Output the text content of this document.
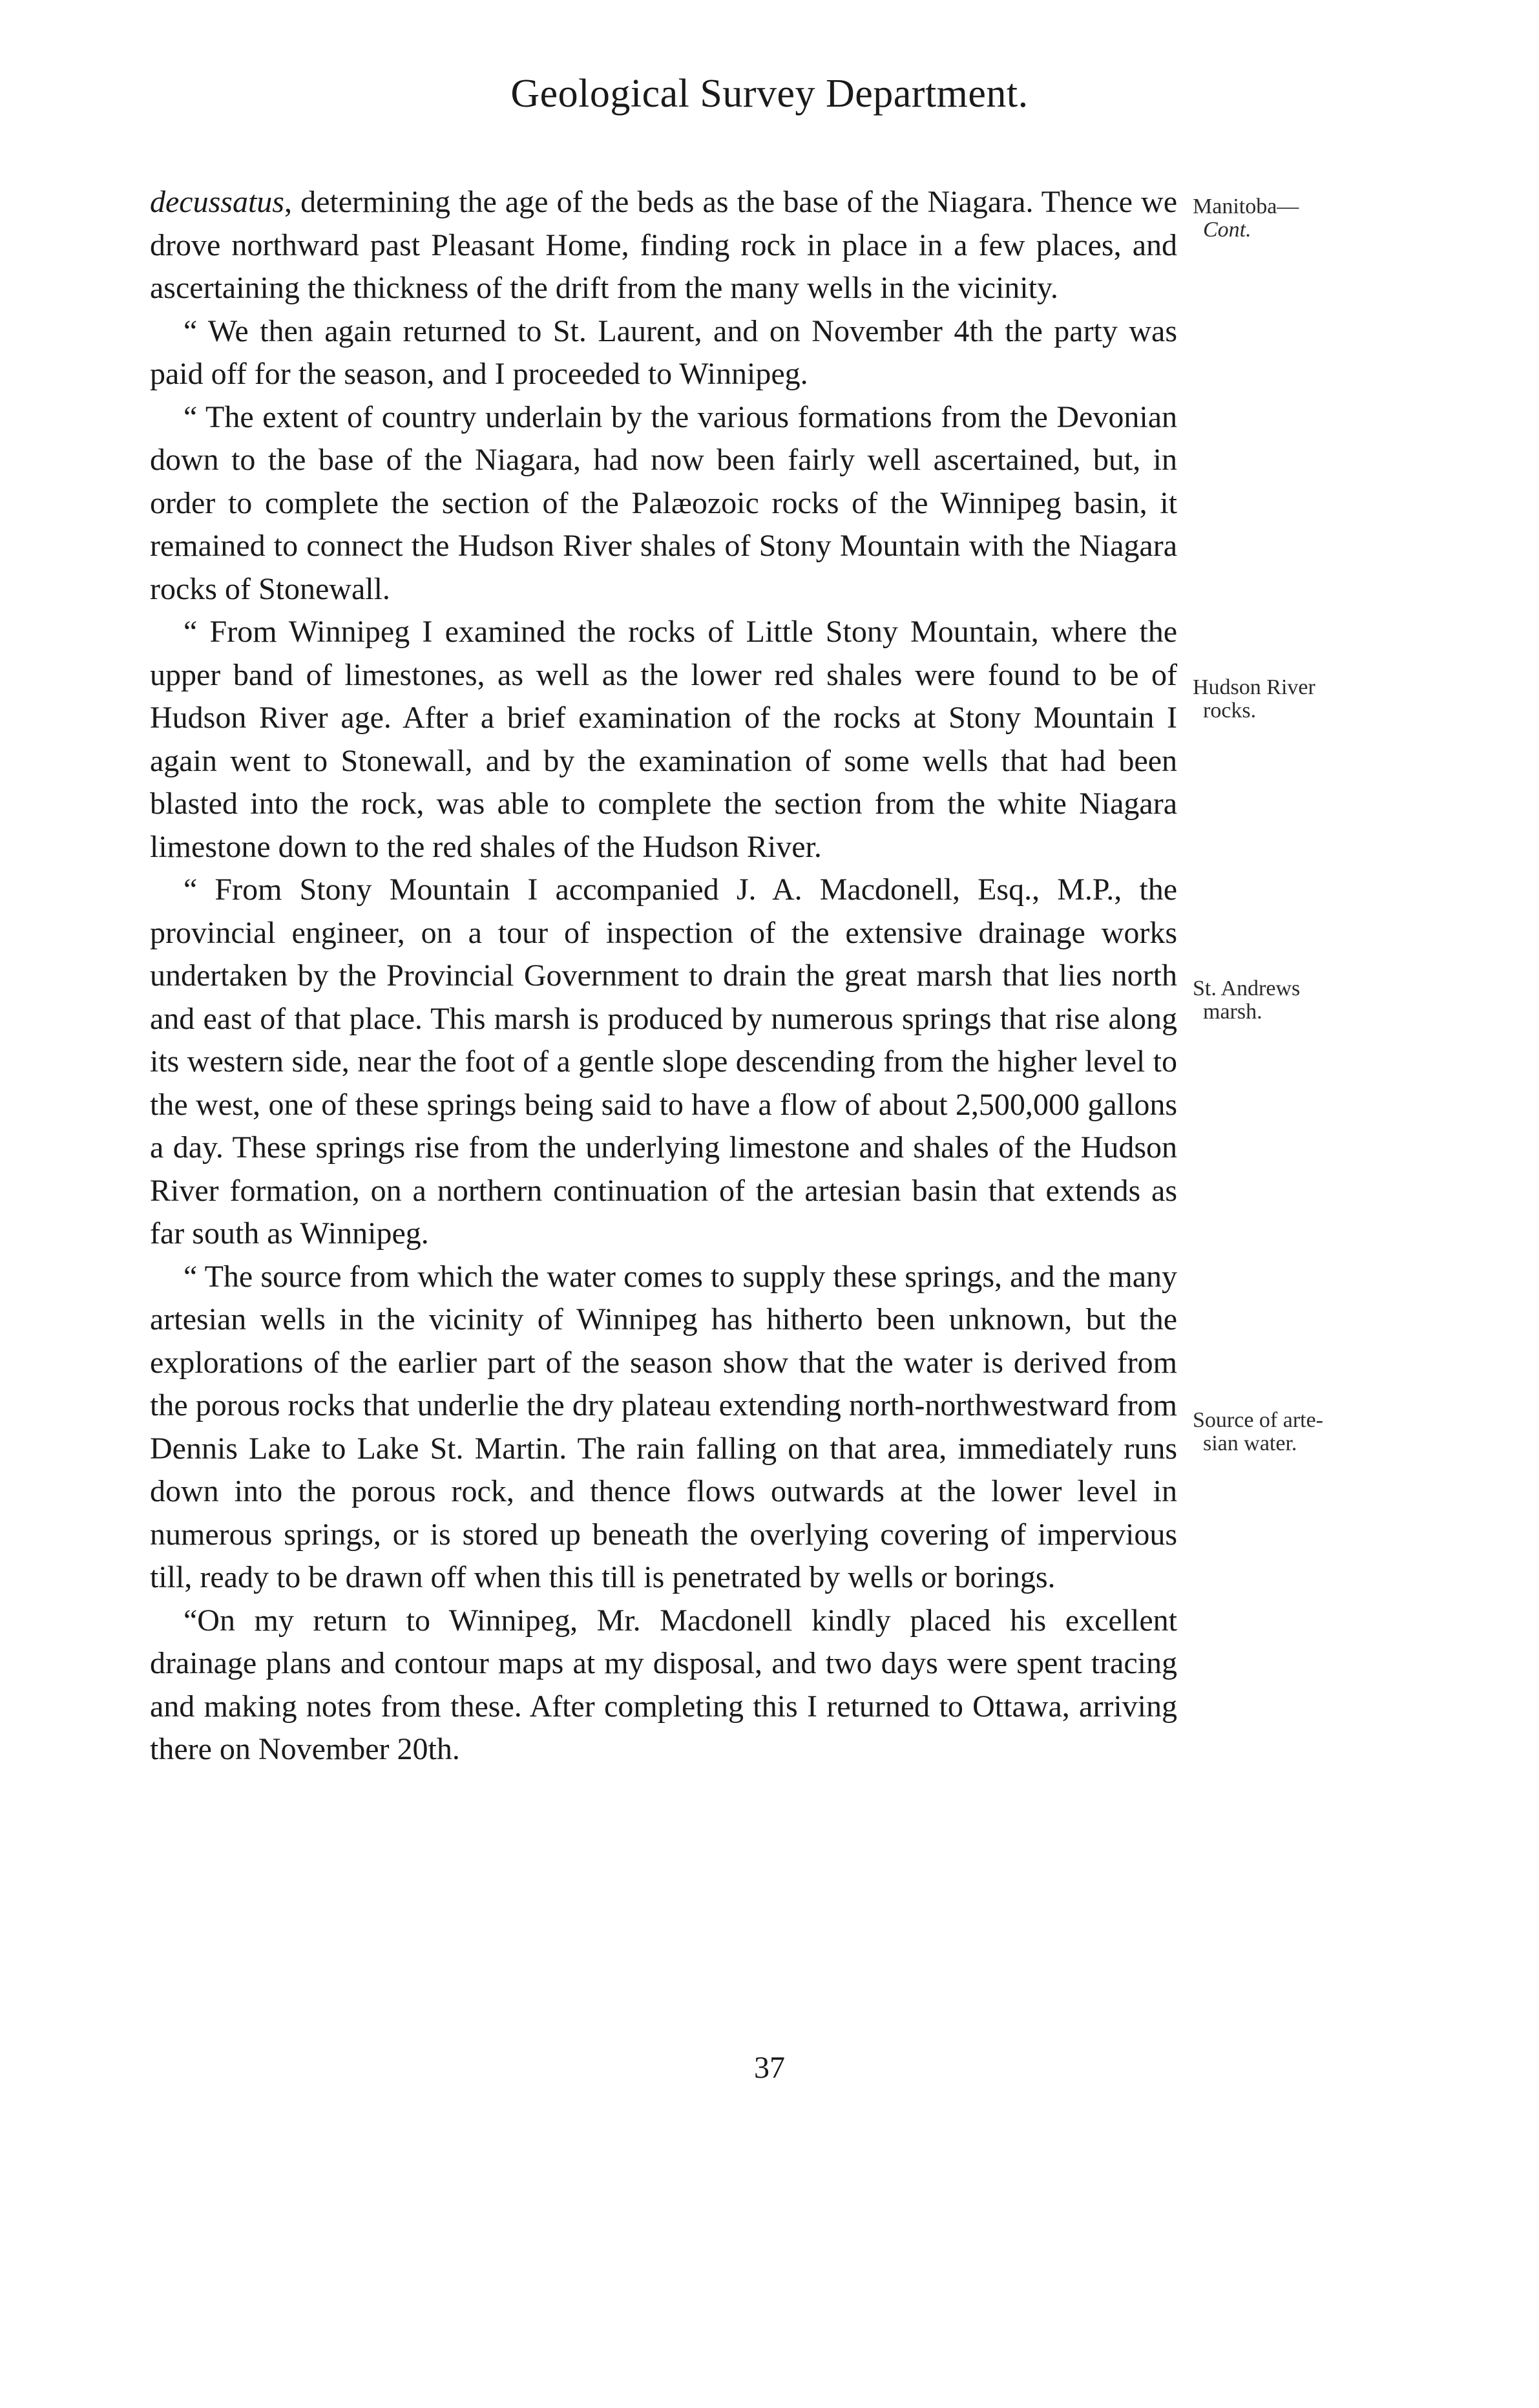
Geological Survey Department.

decussatus, determining the age of the beds as the base of the Niagara. Thence we drove northward past Pleasant Home, finding rock in place in a few places, and ascertaining the thickness of the drift from the many wells in the vicinity.

“ We then again returned to St. Laurent, and on November 4th the party was paid off for the season, and I proceeded to Winnipeg.

“ The extent of country underlain by the various formations from the Devonian down to the base of the Niagara, had now been fairly well ascertained, but, in order to complete the section of the Palæozoic rocks of the Winnipeg basin, it remained to connect the Hudson River shales of Stony Mountain with the Niagara rocks of Stonewall.

“ From Winnipeg I examined the rocks of Little Stony Mountain, where the upper band of limestones, as well as the lower red shales were found to be of Hudson River age. After a brief examination of the rocks at Stony Mountain I again went to Stonewall, and by the examination of some wells that had been blasted into the rock, was able to complete the section from the white Niagara limestone down to the red shales of the Hudson River.

“ From Stony Mountain I accompanied J. A. Macdonell, Esq., M.P., the provincial engineer, on a tour of inspection of the extensive drainage works undertaken by the Provincial Government to drain the great marsh that lies north and east of that place. This marsh is produced by numerous springs that rise along its western side, near the foot of a gentle slope descending from the higher level to the west, one of these springs being said to have a flow of about 2,500,000 gallons a day. These springs rise from the underlying limestone and shales of the Hudson River formation, on a northern continuation of the artesian basin that extends as far south as Winnipeg.

“ The source from which the water comes to supply these springs, and the many artesian wells in the vicinity of Winnipeg has hitherto been unknown, but the explorations of the earlier part of the season show that the water is derived from the porous rocks that underlie the dry plateau extending north-northwestward from Dennis Lake to Lake St. Martin. The rain falling on that area, immediately runs down into the porous rock, and thence flows outwards at the lower level in numerous springs, or is stored up beneath the overlying covering of impervious till, ready to be drawn off when this till is penetrated by wells or borings.

“On my return to Winnipeg, Mr. Macdonell kindly placed his excellent drainage plans and contour maps at my disposal, and two days were spent tracing and making notes from these. After completing this I returned to Ottawa, arriving there on November 20th.

Manitoba—
Cont.
Hudson River
rocks.
St. Andrews
marsh.
Source of arte-
sian water.
37
